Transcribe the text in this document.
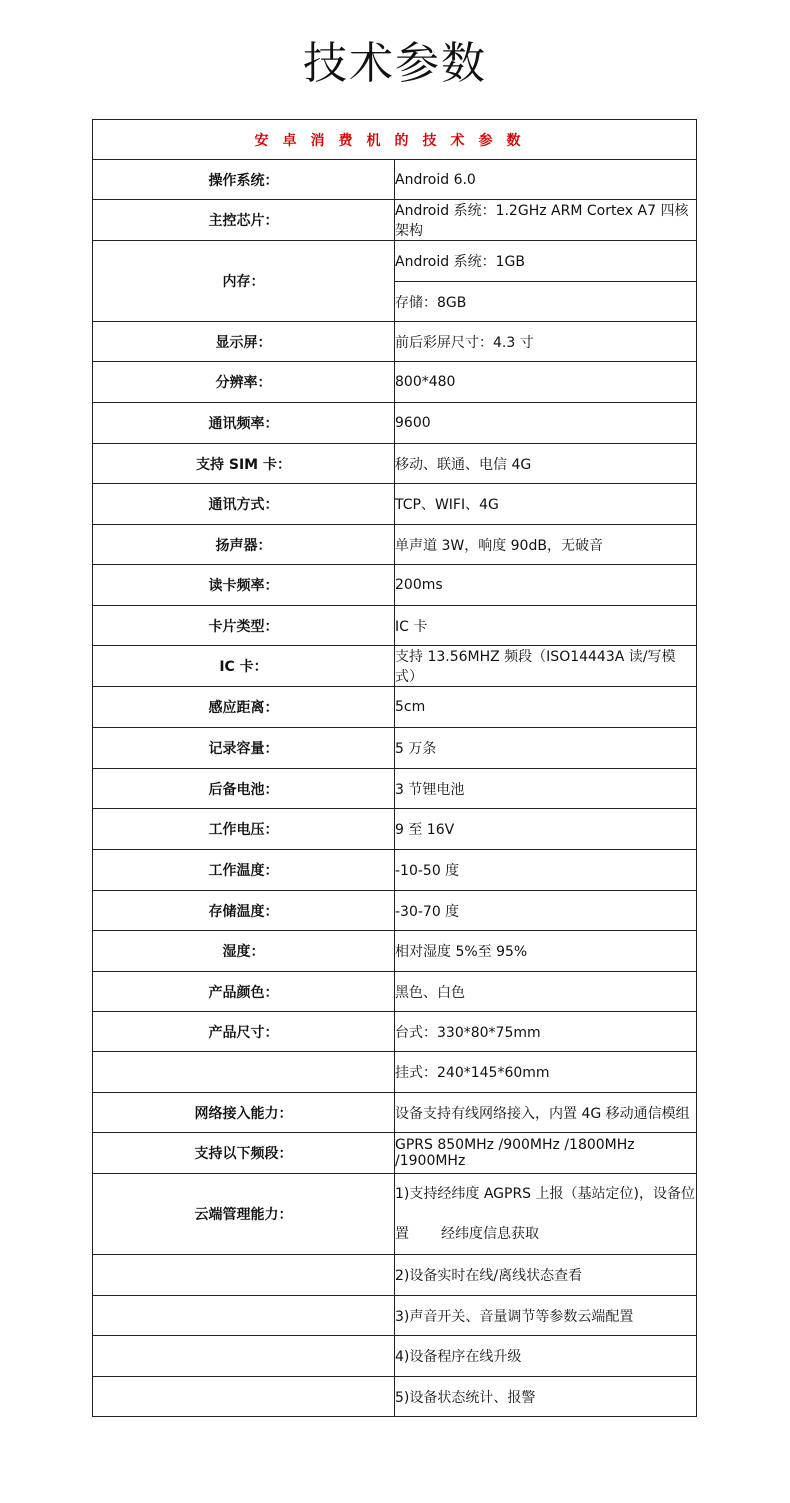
技术参数
安卓消费机的技术参数	
操作系统：	Android 6.0
主控芯片：	Android 系统：1.2GHz ARM Cortex A7 四核架构
内存：	Android 系统：1GB
	存储：8GB
显示屏：	前后彩屏尺寸：4.3 寸
分辨率：	800*480
通讯频率：	9600
支持 SIM 卡：	移动、联通、电信 4G
通讯方式：	TCP、WIFI、4G
扬声器：	单声道 3W，响度 90dB，无破音
读卡频率：	200ms
卡片类型：	IC 卡
IC 卡：	支持 13.56MHZ 频段（ISO14443A 读/写模式）
感应距离：	5cm
记录容量：	5 万条
后备电池：	3 节锂电池
工作电压：	9 至 16V
工作温度：	-10-50 度
存储温度：	-30-70 度
湿度：	相对湿度 5%至 95%
产品颜色：	黑色、白色
产品尺寸：	台式：330*80*75mm
	挂式：240*145*60mm
网络接入能力：	设备支持有线网络接入，内置 4G 移动通信模组
支持以下频段：	GPRS 850MHz /900MHz /1800MHz /1900MHz
云端管理能力：	1)支持经纬度 AGPRS 上报（基站定位)，设备位置 经纬度信息获取
	2)设备实时在线/离线状态查看
	3)声音开关、音量调节等参数云端配置
	4)设备程序在线升级
	5)设备状态统计、报警
